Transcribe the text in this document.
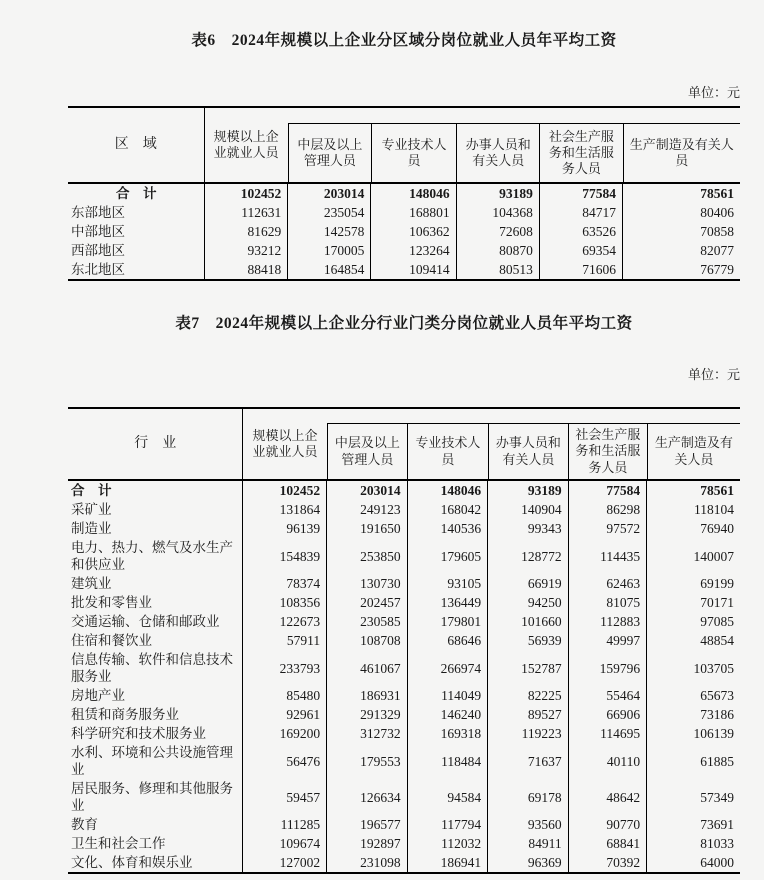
表6　2024年规模以上企业分区域分岗位就业人员年平均工资
单位：元
区　域	规模以上企业就业人员	中层及以上管理人员	专业技术人员	办事人员和有关人员	社会生产服务和生活服务人员	生产制造及有关人员

合　计	102452	203014	148046	93189	77584	78561
东部地区	112631	235054	168801	104368	84717	80406
中部地区	81629	142578	106362	72608	63526	70858
西部地区	93212	170005	123264	80870	69354	82077
东北地区	88418	164854	109414	80513	71606	76779
表7　2024年规模以上企业分行业门类分岗位就业人员年平均工资
单位：元
行　业	规模以上企业就业人员	中层及以上管理人员	专业技术人员	办事人员和有关人员	社会生产服务和生活服务人员	生产制造及有关人员

合　计	102452	203014	148046	93189	77584	78561
采矿业	131864	249123	168042	140904	86298	118104
制造业	96139	191650	140536	99343	97572	76940
电力、热力、燃气及水生产和供应业	154839	253850	179605	128772	114435	140007
建筑业	78374	130730	93105	66919	62463	69199
批发和零售业	108356	202457	136449	94250	81075	70171
交通运输、仓储和邮政业	122673	230585	179801	101660	112883	97085
住宿和餐饮业	57911	108708	68646	56939	49997	48854
信息传输、软件和信息技术服务业	233793	461067	266974	152787	159796	103705
房地产业	85480	186931	114049	82225	55464	65673
租赁和商务服务业	92961	291329	146240	89527	66906	73186
科学研究和技术服务业	169200	312732	169318	119223	114695	106139
水利、环境和公共设施管理业	56476	179553	118484	71637	40110	61885
居民服务、修理和其他服务业	59457	126634	94584	69178	48642	57349
教育	111285	196577	117794	93560	90770	73691
卫生和社会工作	109674	192897	112032	84911	68841	81033
文化、体育和娱乐业	127002	231098	186941	96369	70392	64000
